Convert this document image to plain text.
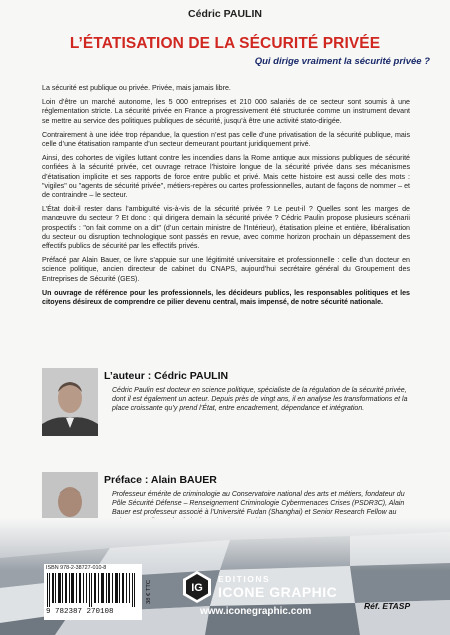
Cédric PAULIN
L’ÉTATISATION DE LA SÉCURITÉ PRIVÉE
Qui dirige vraiment la sécurité privée ?

La sécurité est publique ou privée. Privée, mais jamais libre.

Loin d’être un marché autonome, les 5 000 entreprises et 210 000 salariés de ce secteur sont soumis à une réglementation stricte. La sécurité privée en France a progressivement été structurée comme un instrument devant se mettre au service des politiques publiques de sécurité, jusqu’à être une activité stato-dirigée.

Contrairement à une idée trop répandue, la question n’est pas celle d’une privatisation de la sécurité publique, mais celle d’une étatisation rampante d’un secteur demeurant pourtant juridiquement privé.

Ainsi, des cohortes de vigiles luttant contre les incendies dans la Rome antique aux missions publiques de sécurité confiées à la sécurité privée, cet ouvrage retrace l’histoire longue de la sécurité privée dans ses mécanismes d’étatisation implicite et ses rapports de force entre public et privé. Mais cette histoire est aussi celle des mots : "vigiles" ou "agents de sécurité privée", métiers-repères ou cartes professionnelles, autant de façons de nommer – et de contraindre – le secteur.

L’État doit-il rester dans l’ambiguïté vis-à-vis de la sécurité privée ? Le peut-il ? Quelles sont les marges de manœuvre du secteur ? Et donc : qui dirigera demain la sécurité privée ? Cédric Paulin propose plusieurs scénarii prospectifs : "on fait comme on a dit" (d’un certain ministre de l’Intérieur), étatisation pleine et entière, libéralisation du secteur ou disruption technologique sont passés en revue, avec comme horizon prochain un dépassement des effectifs publics de sécurité par les effectifs privés.

Préfacé par Alain Bauer, ce livre s’appuie sur une légitimité universitaire et professionnelle : celle d’un docteur en science politique, ancien directeur de cabinet du CNAPS, aujourd’hui secrétaire général du Groupement des Entreprises de Sécurité (GES).

Un ouvrage de référence pour les professionnels, les décideurs publics, les responsables politiques et les citoyens désireux de comprendre ce pilier devenu central, mais impensé, de notre sécurité nationale.

L’auteur : Cédric PAULIN
Cédric Paulin est docteur en science politique, spécialiste de la régulation de la sécurité privée, dont il est également un acteur. Depuis près de vingt ans, il en analyse les transformations et la place croissante qu’y prend l’État, entre encadrement, dépendance et intégration.
Préface : Alain BAUER
Professeur émérite de criminologie au Conservatoire national des arts et métiers, fondateur du Pôle Sécurité Défense – Renseignement Criminologie Cybermenaces Crises (PSDR3C), Alain Bauer est professeur associé à l’Université Fudan (Shanghai) et Senior Research Fellow au
ISBN 978-2-38727-010-8
9 782387 270108
38 € TTC	IG
EDITIONS
ICONE GRAPHIC
www.iconegraphic.com	Réf. ETASP
